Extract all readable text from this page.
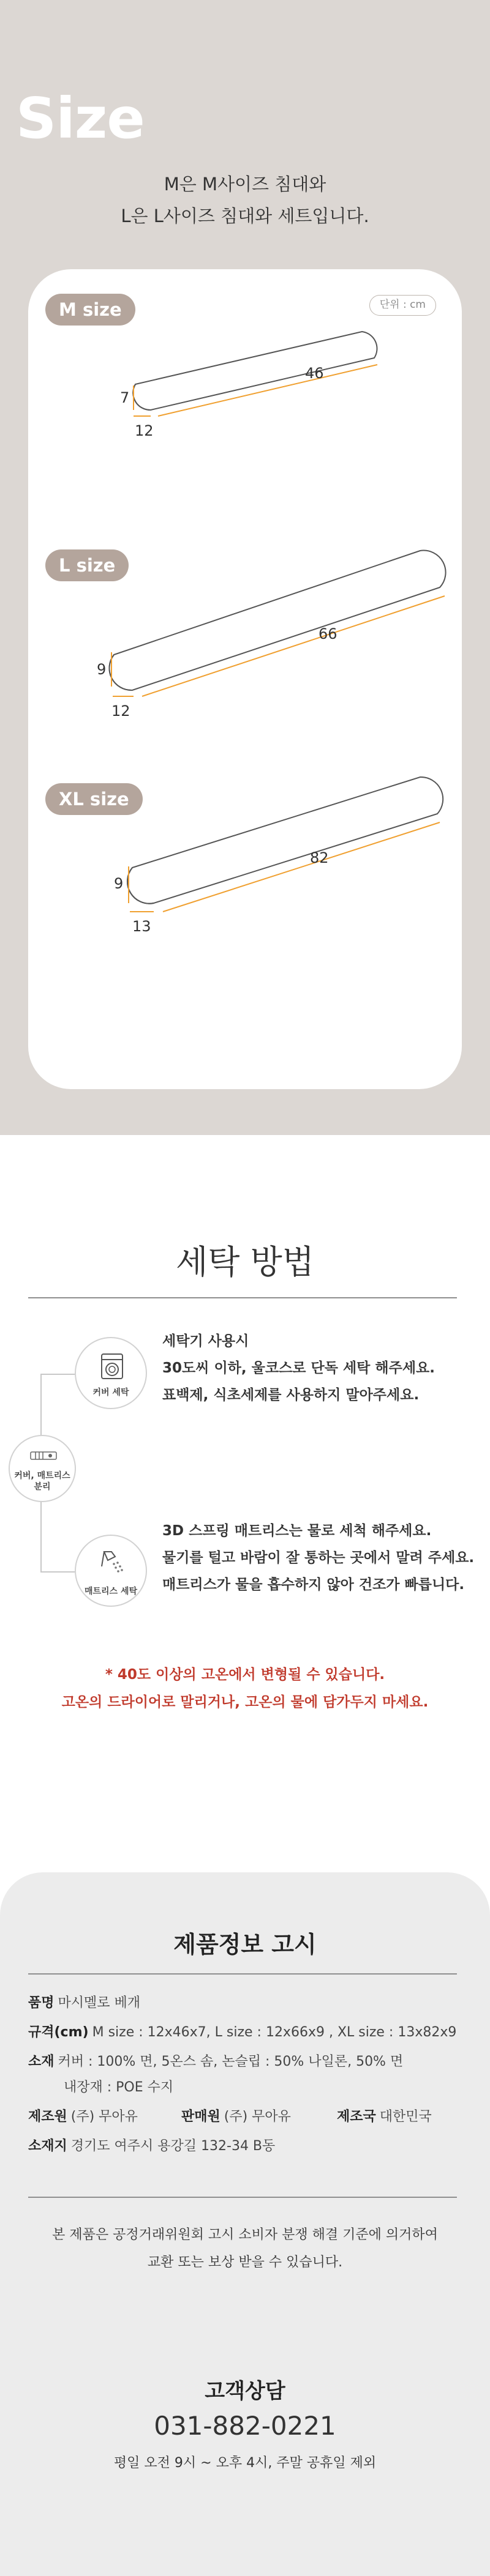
Size
M은 M사이즈 침대와
L은 L사이즈 침대와 세트입니다.
단위 : cm
M size
7
12
46
L size
9
12
66
XL size
9
13
82
세탁 방법
커버, 매트리스
분리
커버 세탁
매트리스 세탁
세탁기 사용시
30도씨 이하, 울코스로 단독 세탁 해주세요.
표백제, 식초세제를 사용하지 말아주세요.
3D 스프링 매트리스는 물로 세척 해주세요.
물기를 털고 바람이 잘 통하는 곳에서 말려 주세요.
매트리스가 물을 흡수하지 않아 건조가 빠릅니다.
* 40도 이상의 고온에서 변형될 수 있습니다.
고온의 드라이어로 말리거나, 고온의 물에 담가두지 마세요.
제품정보 고시
품명 마시멜로 베개
규격(cm) M size : 12x46x7, L size : 12x66x9 , XL size : 13x82x9
소재 커버 : 100% 면, 5온스 솜, 논슬립 : 50% 나일론, 50% 면
내장재 : POE 수지
제조원 (주) 무아유	판매원 (주) 무아유	제조국 대한민국
소재지 경기도 여주시 용강길 132-34 B동
본 제품은 공정거래위원회 고시 소비자 분쟁 해결 기준에 의거하여
교환 또는 보상 받을 수 있습니다.
고객상담
031-882-0221
평일 오전 9시 ~ 오후 4시, 주말 공휴일 제외
